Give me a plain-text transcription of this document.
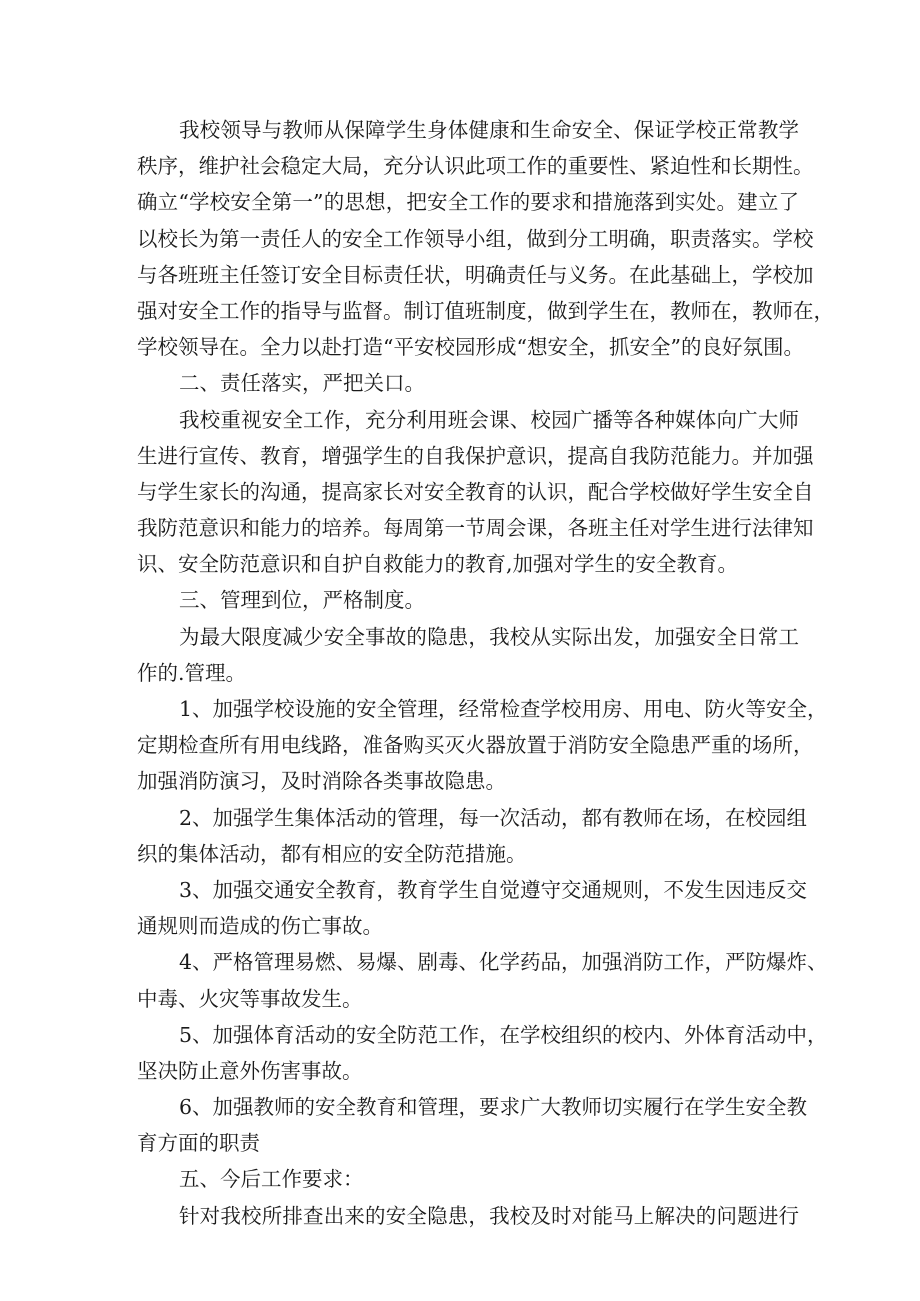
我校领导与教师从保障学生身体健康和生命安全、保证学校正常教学
秩序，维护社会稳定大局，充分认识此项工作的重要性、紧迫性和长期性。
确立“学校安全第一”的思想，把安全工作的要求和措施落到实处。建立了
以校长为第一责任人的安全工作领导小组，做到分工明确，职责落实。学校
与各班班主任签订安全目标责任状，明确责任与义务。在此基础上，学校加
强对安全工作的指导与监督。制订值班制度，做到学生在，教师在，教师在，
学校领导在。全力以赴打造“平安校园形成“想安全，抓安全”的良好氛围。
二、责任落实，严把关口。
我校重视安全工作，充分利用班会课、校园广播等各种媒体向广大师
生进行宣传、教育，增强学生的自我保护意识，提高自我防范能力。并加强
与学生家长的沟通，提高家长对安全教育的认识，配合学校做好学生安全自
我防范意识和能力的培养。每周第一节周会课，各班主任对学生进行法律知
识、安全防范意识和自护自救能力的教育,加强对学生的安全教育。
三、管理到位，严格制度。
为最大限度减少安全事故的隐患，我校从实际出发，加强安全日常工
作的.管理。
1、加强学校设施的安全管理，经常检查学校用房、用电、防火等安全，
定期检查所有用电线路，准备购买灭火器放置于消防安全隐患严重的场所，
加强消防演习，及时消除各类事故隐患。
2、加强学生集体活动的管理，每一次活动，都有教师在场，在校园组
织的集体活动，都有相应的安全防范措施。
3、加强交通安全教育，教育学生自觉遵守交通规则，不发生因违反交
通规则而造成的伤亡事故。
4、严格管理易燃、易爆、剧毒、化学药品，加强消防工作，严防爆炸、
中毒、火灾等事故发生。
5、加强体育活动的安全防范工作，在学校组织的校内、外体育活动中，
坚决防止意外伤害事故。
6、加强教师的安全教育和管理，要求广大教师切实履行在学生安全教
育方面的职责
五、今后工作要求：
针对我校所排查出来的安全隐患，我校及时对能马上解决的问题进行
